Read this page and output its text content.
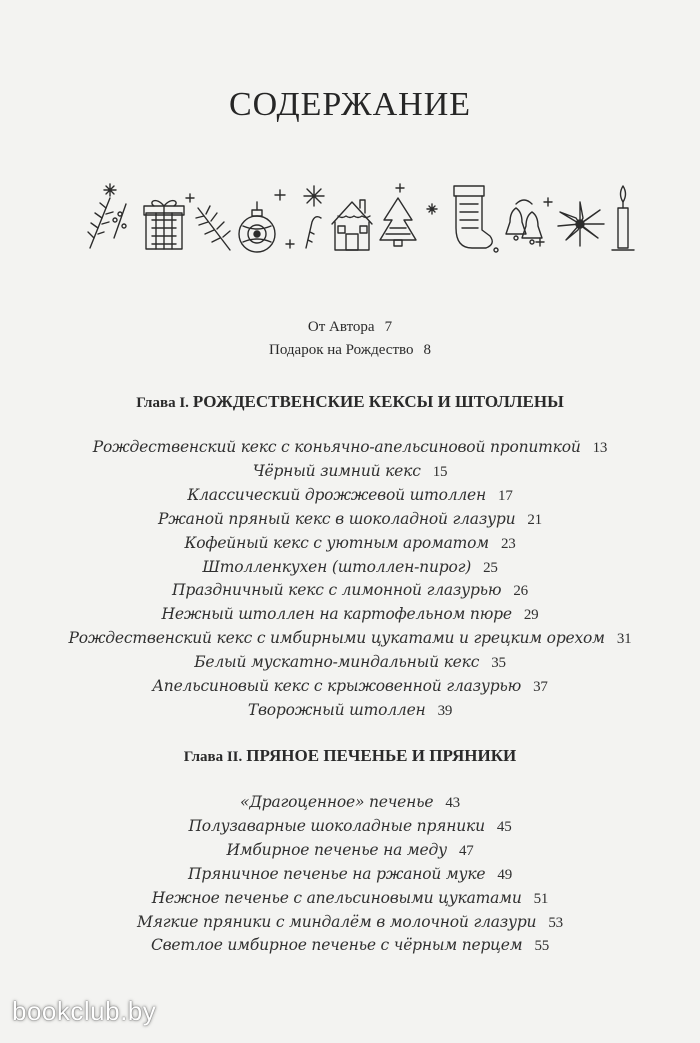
СОДЕРЖАНИЕ
От Автора 7
Подарок на Рождество 8
Глава I. РОЖДЕСТВЕНСКИЕ КЕКСЫ И ШТОЛЛЕНЫ
Рождественский кекс с коньячно-апельсиновой пропиткой 13
Чёрный зимний кекс 15
Классический дрожжевой штоллен 17
Ржаной пряный кекс в шоколадной глазури 21
Кофейный кекс с уютным ароматом 23
Штолленкухен (штоллен-пирог) 25
Праздничный кекс с лимонной глазурью 26
Нежный штоллен на картофельном пюре 29
Рождественский кекс с имбирными цукатами и грецким орехом 31
Белый мускатно-миндальный кекс 35
Апельсиновый кекс с крыжовенной глазурью 37
Творожный штоллен 39
Глава II. ПРЯНОЕ ПЕЧЕНЬЕ И ПРЯНИКИ
«Драгоценное» печенье 43
Полузаварные шоколадные пряники 45
Имбирное печенье на меду 47
Пряничное печенье на ржаной муке 49
Нежное печенье с апельсиновыми цукатами 51
Мягкие пряники с миндалём в молочной глазури 53
Светлое имбирное печенье с чёрным перцем 55
bookclub.by
